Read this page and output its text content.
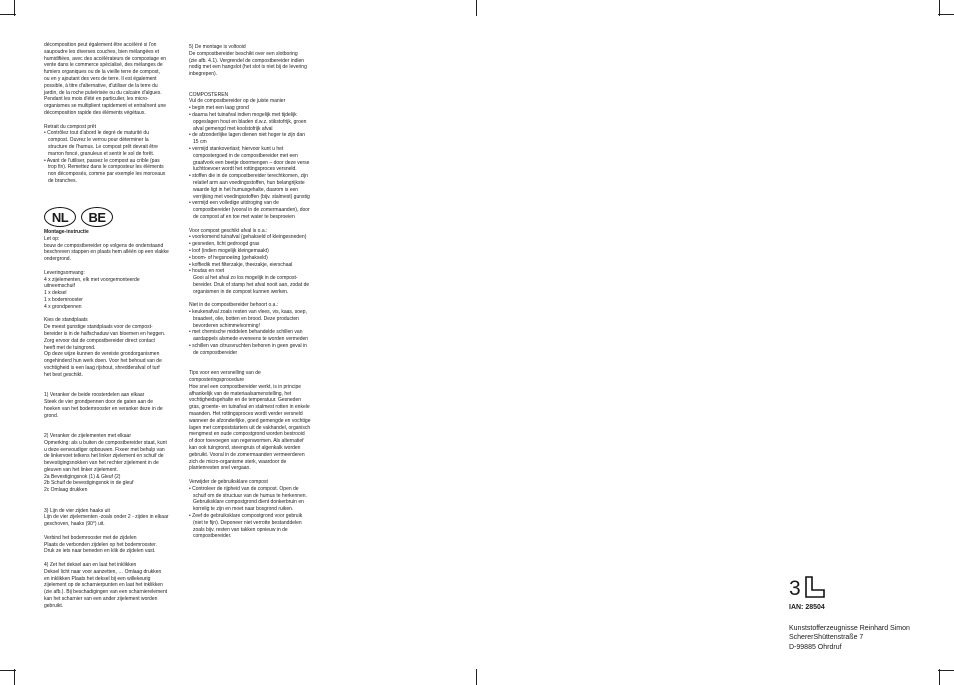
décomposition peut également être accéléré si l'on
saupoudre les diverses couches, bien mélangées et
humidifiées, avec des accélérateurs de compostage en
vente dans le commerce spécialisé, des mélanges de
fumiers organiques ou de la vieille terre de compost,
ou en y ajoutant des vers de terre. Il est également
possible, à titre d'alternative, d'utiliser de la terre du
jardin, de la roche pulvérisée ou du calcaire d'algues.
Pendant les mois d'été en particulier, les micro-
organismes se multiplient rapidement et entraînent une
décomposition rapide des éléments végétaux.
Retrait du compost prêt
• Contrôlez tout d'abord le degré de maturité du
compost. Ouvrez le verrou pour déterminer la
structure de l'humus. Le compost prêt devrait être
marron foncé, granuleux et sentir le sol de forêt.
• Avant de l'utiliser, passez le compost au crible (pas
trop fin). Remettez dans le composteur les éléments
non décomposés, comme par exemple les morceaux
de branches.
NL	BE
Montage-instructie
Let op:
bouw de compostbereider op volgens de onderstaand
beschreven stappen en plaats hem alléén op een vlakke
ondergrond.
Leveringsomvang:
4 x zijelementen, elk met voorgemonteerde
uitneemschuif
1 x deksel
1 x bodemrooster
4 x grondpennen
Kies de standplaats
De meest gunstige standplaats voor de compost-
bereider is in de halfschaduw van bloemen en heggen.
Zorg ervoor dat de compostbereider direct contact
heeft met de tuingrond.
Op deze wijze kunnen de vereiste grondorganismen
ongehinderd hun werk doen. Voor het behoud van de
vochtigheid is een laag rijshout, shredderafval of turf
het best geschikt.
1) Veranker de beide roosterdelen aan elkaar
Steek de vier grondpennen door de gaten aan de
hoeken van het bodemrooster en veranker deze in de
grond.
2) Veranker de zijelementen met elkaar
Opmerking: als u buiten de compostbereider staat, kunt
u deze eenvoudiger opbouwen. Fixeer met behulp van
de linkervoet telkens het linker zijelement en schuif de
bevestigingsnokken van het rechter zijelement in de
gleuven van het linker zijelement.
2a Bevestigingsnok (1) & Gleuf (2)
2b Schuif de bevestigingsnok in de gleuf
2c Omlaag drukken
3) Lijn de vier zijden haaks uit
Lijn de vier zijelementen -zoals onder 2 - zijden in elkaar
geschoven, haaks (90°) uit.
Verbind het bodemrooster met de zijdelen
Plaats de verbonden zijdelen op het bodemrooster.
Druk ze iets naar beneden en klik de zijdelen vast.
4) Zet het deksel aan en laat het inklikken
Deksel licht naar voor aanzetten, … Omlaag drukken
en inklikken Plaats het deksel bij een willekeurig
zijelement op de scharnierpunten en laat het inklikken
(zie afb.). Bij beschadigingen van een scharnierelement
kan het scharnier van een ander zijelement worden
gebruikt.
5) De montage is voltooid
De compostbereider beschikt over een slotboring
(zie afb. 4.1). Vergrendel de compostbereider indien
nodig met een hangslot (het slot is niet bij de levering
inbegrepen).
COMPOSTEREN
Vul de compostbereider op de juiste manier
• begin met een laag grond
• daarna het tuinafval indien mogelijk met tijdelijk
opgeslagen hout en bladen d.w.z. stikstofrijk, groen
afval gemengd met koolstofrijk afval
• de afzonderlijke lagen dienen niet hoger te zijn dan
15 cm
• vermijd stankoverlast; hiervoor kunt u het
compostergoed in de compostbereider met een
graafvork een beetje doormengen – door deze verse
luchttoevoer wordt het rottingsproces versneld.
• stoffen die in de compostbereider terechtkomen, zijn
relatief arm aan voedingsstoffen, hun belangrijkste
waarde ligt in het humusgehalte, daarom is een
verrijking met voedingsstoffen (bijv. stalmest) gunstig
• vermijd een volledige uitdroging van de
compostbereider (vooral in de zomermaanden), door
de compost af en toe met water te besproeien
Voor compost geschikt afval is o.a.:
• voorkomend tuinafval (gehakseld of kleingesneden)
• gesneden, licht gedroogd gras
• loof (indien mogelijk kleingemaakt)
• boom- of hegsnoeiing (gehakseld)
• koffiedik met filterzakje, theezakje, eierschaal
• houtas en roet
Gooi al het afval zo los mogelijk in de compost-
bereider. Druk of stamp het afval nooit aan, zodat de
organismen in de compost kunnen werken.
Niet in de compostbereider behoort o.a.:
• keukenafval zoals resten van vlees, vis, kaas, soep,
braadvet, olie, botten en brood. Deze producten
bevorderen schimmelvorming!
• met chemische middelen behandelde schillen van
aardappels alsmede eveneens te worden vermeden
• schillen van citrusvruchten behoren in geen geval in
de compostbereider
Tips voor een versnelling van de
composteringsprocedure
Hoe snel een compostbereider werkt, is in principe
afhankelijk van de materiaalsamenstelling, het
vochtigheidsgehalte en de temperatuur. Gesneden
gras, groente- en tuinafval en stalmest rotten in enkele
maanden. Het rottingsproces wordt verder versneld
wanneer de afzonderlijke, goed gemengde en vochtige
lagen met compoststarters uit de vakhandel, organisch
mengmest en oude compostgrond worden bestrooid
of door toevoegen van regenwormen. Als alternatief
kan ook tuingrond, steengruis of algenkalk worden
gebruikt. Vooral in de zomermaanden vermeerderen
zich de micro-organisme sterk, waardoor de
plantenresten snel vergaan.
Verwijder de gebruiksklare compost
• Controleer de rijpheid van de compost. Open de
schuif om de structuur van de humus te herkennen.
Gebruiksklare compostgrond dient donkerbruin en
korrelig te zijn en moet naar bosgrond ruiken.
• Zeef de gebruiksklare compostgrond voor gebruik
(niet te fijn). Deponeer niet verrotte bestanddelen
zoals bijv. resten van takken opnieuw in de
compostbereider.
3
IAN: 28504
Kunststofferzeugnisse Reinhard Simon
SchererShüttenstraße 7
D-99885 Ohrdruf
